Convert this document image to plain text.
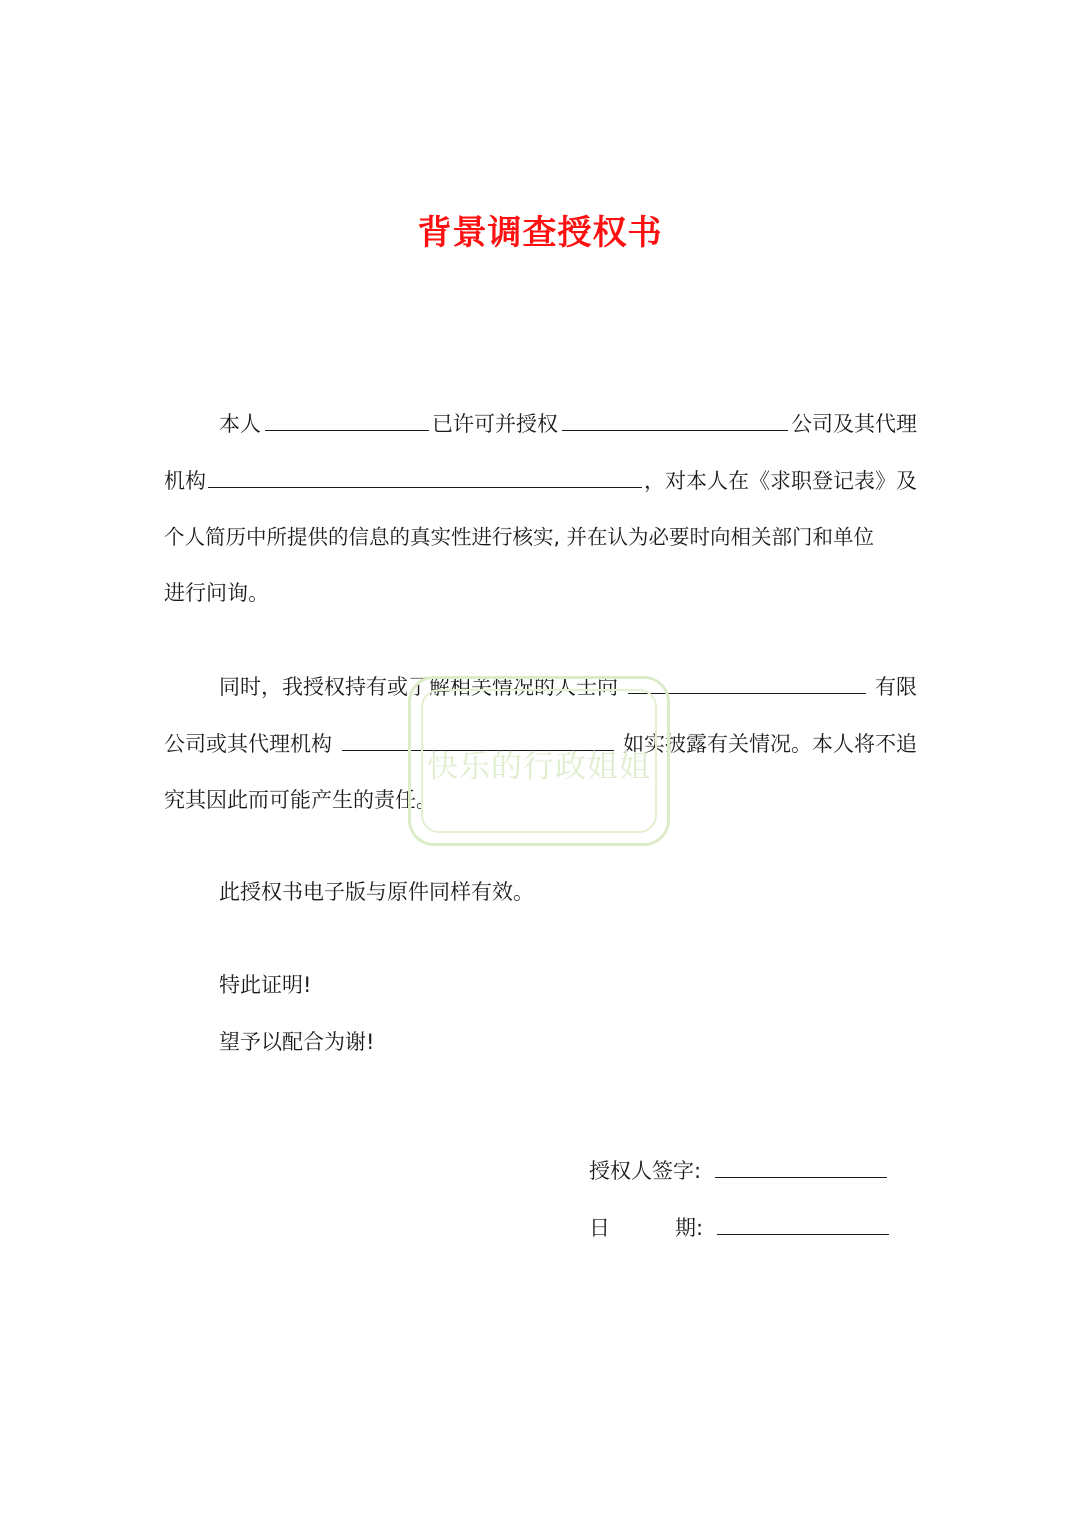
背景调查授权书
本人	已许可并授权	公司及其代理
机构	，对本人在《求职登记表》及
个人简历中所提供的信息的真实性进行核实, 并在认为必要时向相关部门和单位
进行问询。
同时，我授权持有或了解相关情况的人士向	有限
公司或其代理机构	如实披露有关情况。本人将不追
究其因此而可能产生的责任。
此授权书电子版与原件同样有效。
特此证明!
望予以配合为谢!
授权人签字:
日	期:
快乐的行政姐姐
